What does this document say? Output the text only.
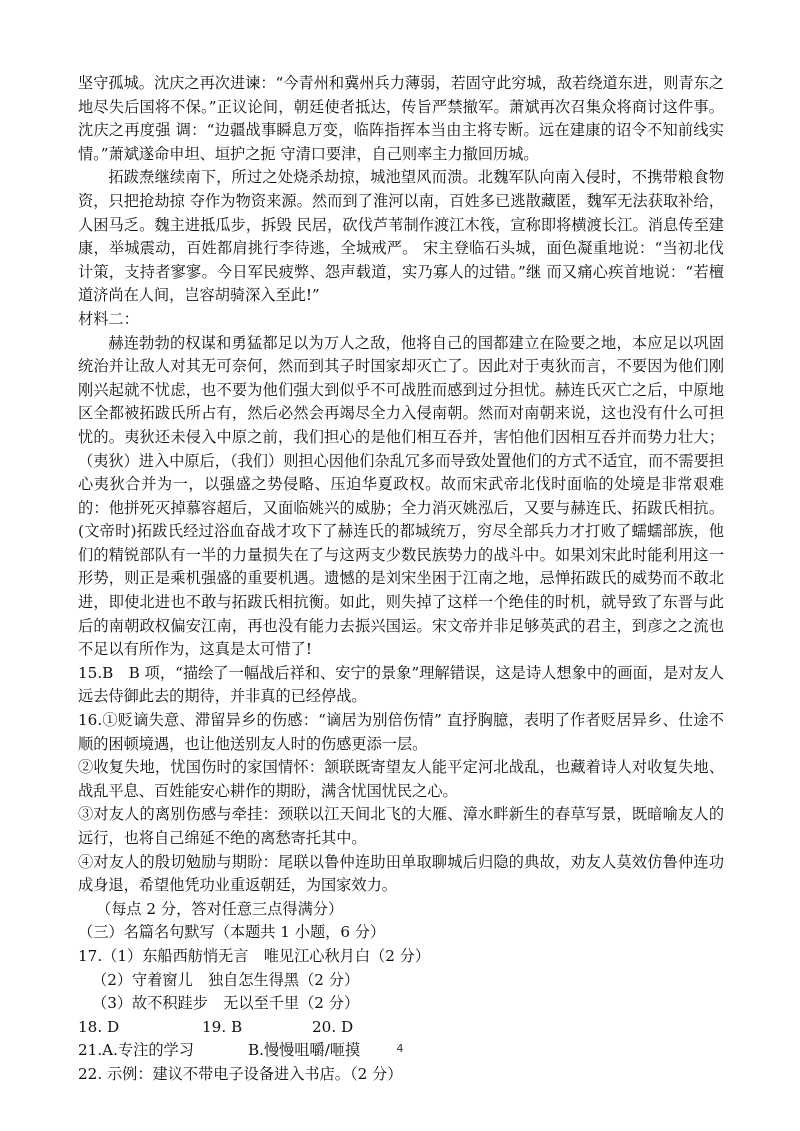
坚守孤城。沈庆之再次进谏：“今青州和冀州兵力薄弱，若固守此穷城，敌若绕道东进，则青东之 地尽失后国将不保。”正议论间，朝廷使者抵达，传旨严禁撤军。萧斌再次召集众将商讨这件事。沈庆之再度强 调：“边疆战事瞬息万变，临阵指挥本当由主将专断。远在建康的诏令不知前线实情。”萧斌遂命申坦、垣护之扼 守清口要津，自己则率主力撤回历城。

拓跋焘继续南下，所过之处烧杀劫掠，城池望风而溃。北魏军队向南入侵时，不携带粮食物资，只把抢劫掠 夺作为物资来源。然而到了淮河以南，百姓多已逃散藏匿，魏军无法获取补给，人困马乏。魏主进抵瓜步，拆毁 民居，砍伐芦苇制作渡江木筏，宣称即将横渡长江。消息传至建康，举城震动，百姓都肩挑行李待逃，全城戒严。 宋主登临石头城，面色凝重地说：“当初北伐计策，支持者寥寥。今日军民疲弊、怨声载道，实乃寡人的过错。”继 而又痛心疾首地说：“若檀道济尚在人间，岂容胡骑深入至此!”

材料二：

赫连勃勃的权谋和勇猛都足以为万人之敌，他将自己的国都建立在险要之地，本应足以巩固统治并让敌人对其无可奈何，然而到其子时国家却灭亡了。因此对于夷狄而言，不要因为他们刚刚兴起就不忧虑，也不要为他们强大到似乎不可战胜而感到过分担忧。赫连氏灭亡之后，中原地区全都被拓跋氏所占有，然后必然会再竭尽全力入侵南朝。然而对南朝来说，这也没有什么可担忧的。夷狄还未侵入中原之前，我们担心的是他们相互吞并，害怕他们因相互吞并而势力壮大；（夷狄）进入中原后，（我们）则担心因他们杂乱冗多而导致处置他们的方式不适宜，而不需要担心夷狄合并为一，以强盛之势侵略、压迫华夏政权。故而宋武帝北伐时面临的处境是非常艰难的：他拼死灭掉慕容超后，又面临姚兴的威胁；全力消灭姚泓后，又要与赫连氏、拓跋氏相抗。(文帝时)拓跋氏经过浴血奋战才攻下了赫连氏的都城统万，穷尽全部兵力才打败了蠕蠕部族，他们的精锐部队有一半的力量损失在了与这两支少数民族势力的战斗中。如果刘宋此时能利用这一形势，则正是乘机强盛的重要机遇。遗憾的是刘宋坐困于江南之地，忌惮拓跋氏的威势而不敢北进，即使北进也不敢与拓跋氏相抗衡。如此，则失掉了这样一个绝佳的时机，就导致了东晋与此后的南朝政权偏安江南，再也没有能力去振兴国运。宋文帝并非足够英武的君主，到彦之之流也不足以有所作为，这真是太可惜了!

15.B　B 项，“描绘了一幅战后祥和、安宁的景象”理解错误，这是诗人想象中的画面，是对友人远去侍御此去的期待，并非真的已经停战。

16.①贬谪失意、滞留异乡的伤感：“谪居为别倍伤情” 直抒胸臆，表明了作者贬居异乡、仕途不顺的困顿境遇，也让他送别友人时的伤感更添一层。

②收复失地，忧国伤时的家国情怀：颔联既寄望友人能平定河北战乱，也藏着诗人对收复失地、战乱平息、百姓能安心耕作的期盼，满含忧国忧民之心。

③对友人的离别伤感与牵挂：颈联以江天间北飞的大雁、漳水畔新生的春草写景，既暗喻友人的远行，也将自己绵延不绝的离愁寄托其中。

④对友人的殷切勉励与期盼：尾联以鲁仲连助田单取聊城后归隐的典故，劝友人莫效仿鲁仲连功成身退，希望他凭功业重返朝廷，为国家效力。

（每点 2 分，答对任意三点得满分）

（三）名篇名句默写（本题共 1 小题，6 分）

17.（1）东船西舫悄无言　唯见江心秋月白（2 分）

（2）守着窗儿　独自怎生得黑（2 分）

（3）故不积跬步　无以至千里（2 分）

18. D	19. B	20. D
21.A.专注的学习	B.慢慢咀嚼/咂摸

22. 示例：建议不带电子设备进入书店。（2 分）

4
